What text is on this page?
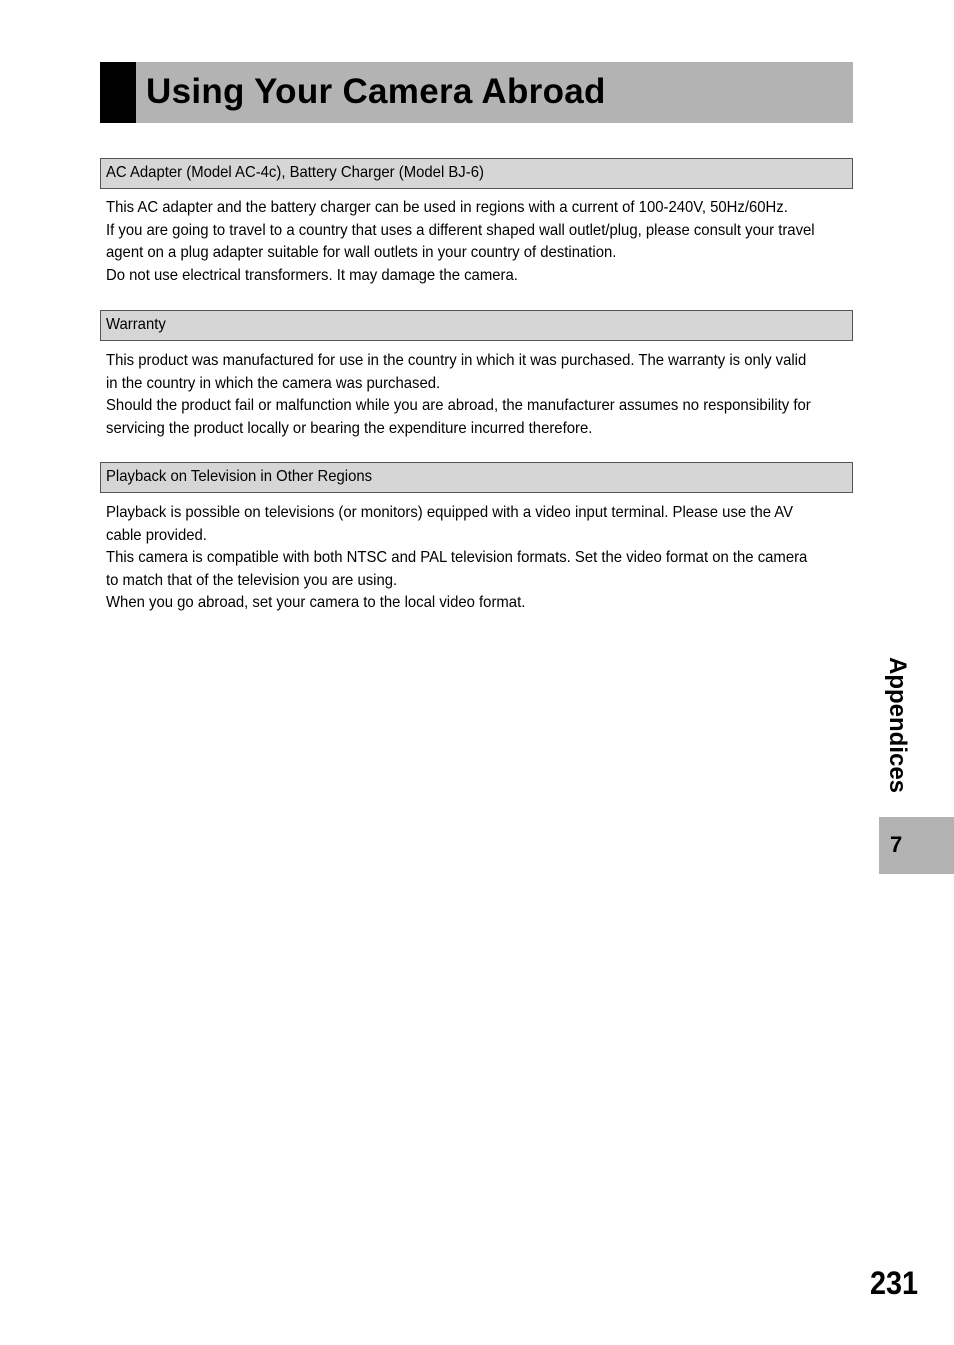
Using Your Camera Abroad
AC Adapter (Model AC-4c), Battery Charger (Model BJ-6)

This AC adapter and the battery charger can be used in regions with a current of 100-240V, 50Hz/60Hz.

If you are going to travel to a country that uses a different shaped wall outlet/plug, please consult your travel

agent on a plug adapter suitable for wall outlets in your country of destination.

Do not use electrical transformers. It may damage the camera.

Warranty

This product was manufactured for use in the country in which it was purchased. The warranty is only valid

in the country in which the camera was purchased.

Should the product fail or malfunction while you are abroad, the manufacturer assumes no responsibility for

servicing the product locally or bearing the expenditure incurred therefore.

Playback on Television in Other Regions

Playback is possible on televisions (or monitors) equipped with a video input terminal. Please use the AV

cable provided.

This camera is compatible with both NTSC and PAL television formats. Set the video format on the camera

to match that of the television you are using.

When you go abroad, set your camera to the local video format.

Appendices
7
231
